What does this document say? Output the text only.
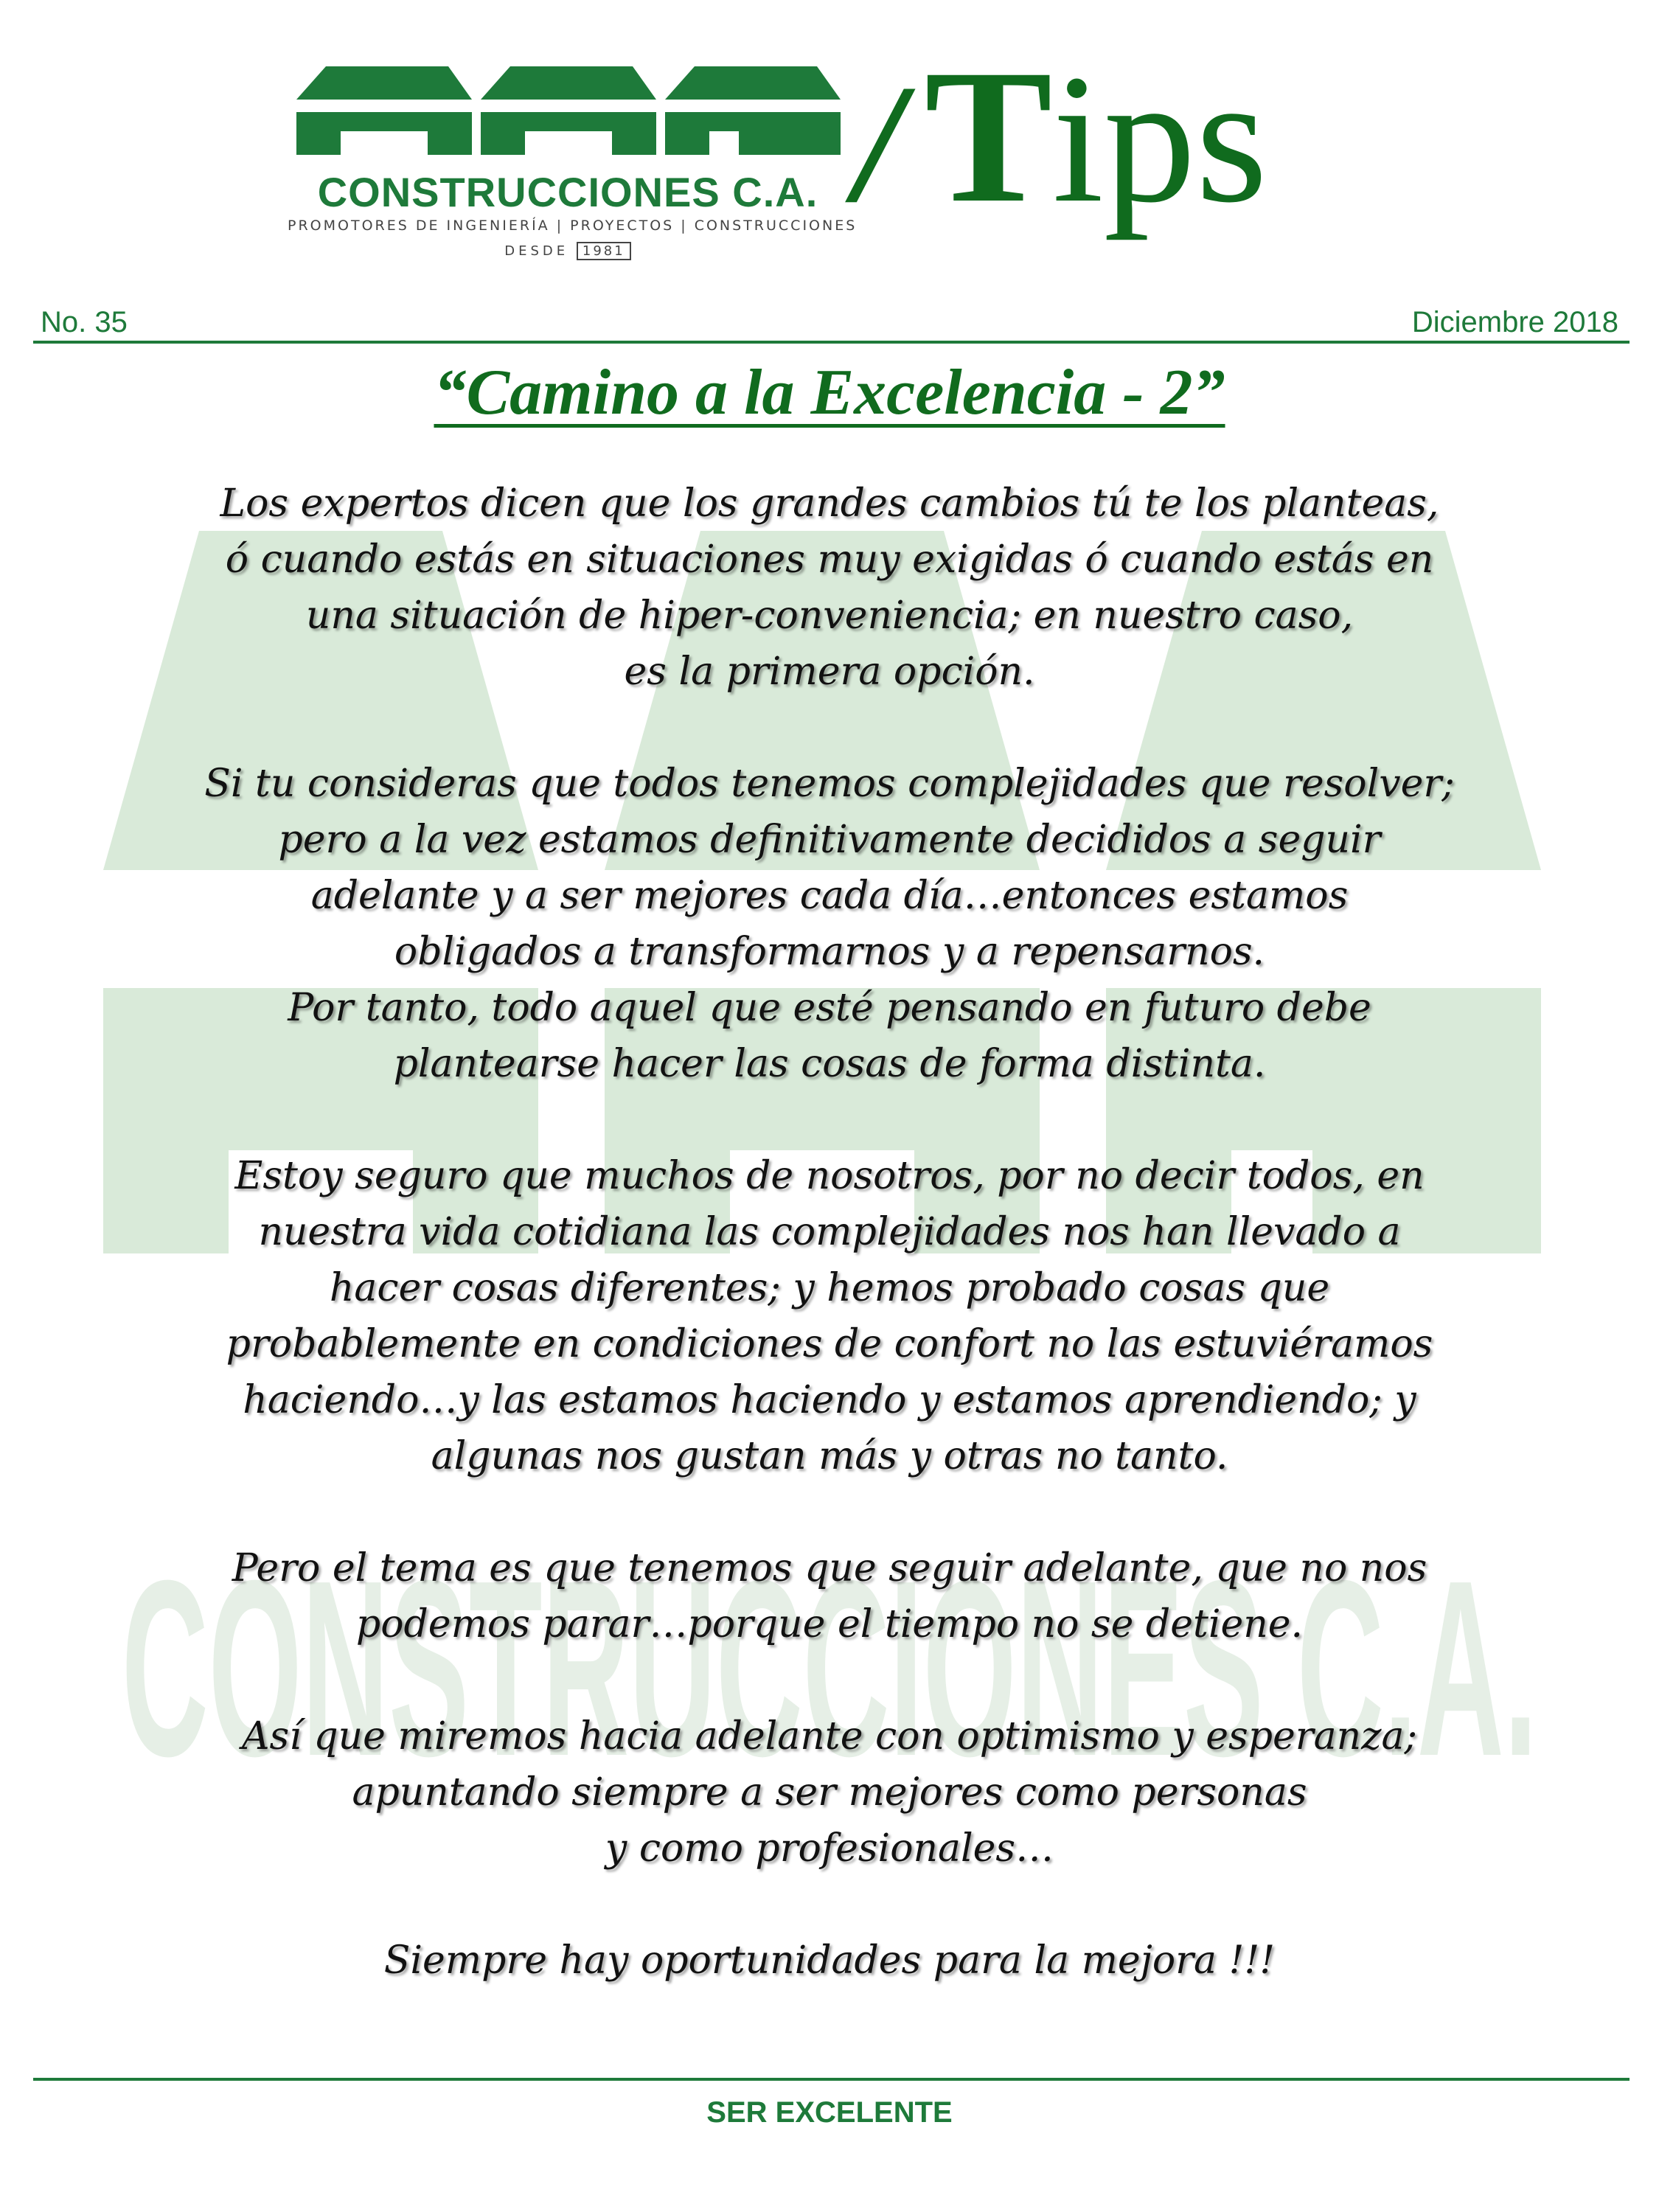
CONSTRUCCIONES C.A.
PROMOTORES DE INGENIERÍA | PROYECTOS | CONSTRUCCIONES
DESDE 1981
/ Tips
No. 35	Diciembre 2018
“Camino a la Excelencia - 2”
CONSTRUCCIONES C.A.
Los expertos dicen que los grandes cambios tú te los planteas,
ó cuando estás en situaciones muy exigidas ó cuando estás en
una situación de hiper-conveniencia; en nuestro caso,
es la primera opción.
Si tu consideras que todos tenemos complejidades que resolver;
pero a la vez estamos definitivamente decididos a seguir
adelante y a ser mejores cada día…entonces estamos
obligados a transformarnos y a repensarnos.
Por tanto, todo aquel que esté pensando en futuro debe
plantearse hacer las cosas de forma distinta.
Estoy seguro que muchos de nosotros, por no decir todos, en
nuestra vida cotidiana las complejidades nos han llevado a
hacer cosas diferentes; y hemos probado cosas que
probablemente en condiciones de confort no las estuviéramos
haciendo…y las estamos haciendo y estamos aprendiendo; y
algunas nos gustan más y otras no tanto.
Pero el tema es que tenemos que seguir adelante, que no nos
podemos parar…porque el tiempo no se detiene.
Así que miremos hacia adelante con optimismo y esperanza;
apuntando siempre a ser mejores como personas
y como profesionales…
Siempre hay oportunidades para la mejora !!!
SER EXCELENTE
